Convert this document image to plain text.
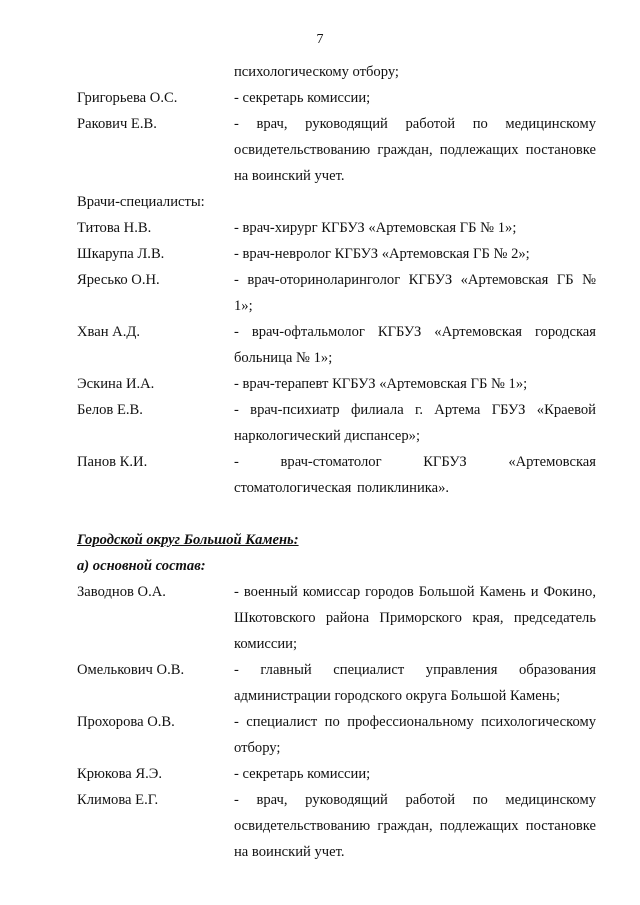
7
психологическому отбору;
Григорьева О.С.	- секретарь комиссии;
Ракович Е.В.	- врач, руководящий работой по медицинскому освидетельствованию граждан, подлежащих постановке на воинский учет.
Врачи-специалисты:
Титова Н.В.	- врач-хирург КГБУЗ «Артемовская ГБ № 1»;
Шкарупа Л.В.	- врач-невролог КГБУЗ «Артемовская ГБ № 2»;
Яресько О.Н.	- врач-оториноларинголог КГБУЗ «Артемовская ГБ № 1»;
Хван А.Д.	- врач-офтальмолог КГБУЗ «Артемовская городская больница № 1»;
Эскина И.А.	- врач-терапевт КГБУЗ «Артемовская ГБ № 1»;
Белов Е.В.	- врач-психиатр филиала г. Артема ГБУЗ «Краевой наркологический диспансер»;
Панов К.И.	- врач-стоматолог КГБУЗ «Артемовская стоматологическая поликлиника».
Городской округ Большой Камень:
а) основной состав:
Заводнов О.А.	- военный комиссар городов Большой Камень и Фокино, Шкотовского района Приморского края, председатель комиссии;
Омелькович О.В.	- главный специалист управления образования администрации городского округа Большой Камень;
Прохорова О.В.	- специалист по профессиональному психологическому отбору;
Крюкова Я.Э.	- секретарь комиссии;
Климова Е.Г.	- врач, руководящий работой по медицинскому освидетельствованию граждан, подлежащих постановке на воинский учет.
